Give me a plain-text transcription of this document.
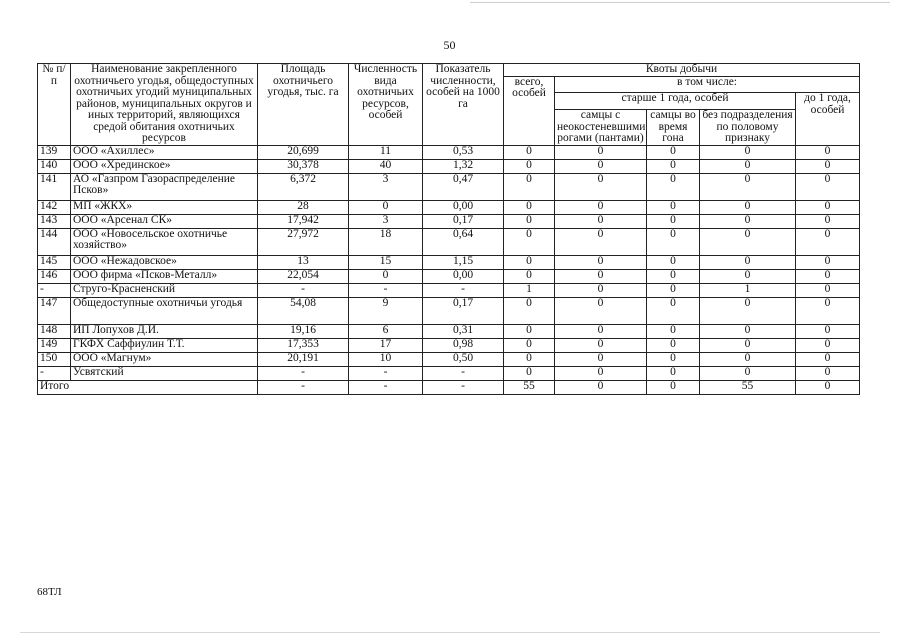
50
№ п/п	Наименование закрепленного охотничьего угодья, общедоступных охотничьих угодий муниципальных районов, муниципальных округов и иных территорий, являющихся средой обитания охотничьих ресурсов	Площадь охотничьего угодья, тыс. га	Численность вида охотничьих ресурсов, особей	Показатель численности, особей на 1000 га	Квоты добычи				
					всего, особей	в том числе:			
						старше 1 года, особей			до 1 года, особей
						самцы с неокостеневшими рогами (пантами)	самцы во время гона	без подразделения по половому признаку	
139	ООО «Ахиллес»	20,699	11	0,53	0	0	0	0	0
140	ООО «Хрединское»	30,378	40	1,32	0	0	0	0	0
141	АО «Газпром Газораспределение Псков»	6,372	3	0,47	0	0	0	0	0
142	МП «ЖКХ»	28	0	0,00	0	0	0	0	0
143	ООО «Арсенал СК»	17,942	3	0,17	0	0	0	0	0
144	ООО «Новосельское охотничье хозяйство»	27,972	18	0,64	0	0	0	0	0
145	ООО «Нежадовское»	13	15	1,15	0	0	0	0	0
146	ООО фирма «Псков-Металл»	22,054	0	0,00	0	0	0	0	0
-	Струго-Красненский	-	-	-	1	0	0	1	0
147	Общедоступные охотничьи угодья	54,08	9	0,17	0	0	0	0	0
148	ИП Лопухов Д.И.	19,16	6	0,31	0	0	0	0	0
149	ГКФХ Саффиулин Т.Т.	17,353	17	0,98	0	0	0	0	0
150	ООО «Магнум»	20,191	10	0,50	0	0	0	0	0
-	Усвятский	-	-	-	0	0	0	0	0
Итого		-	-	-	55	0	0	55	0
68ТЛ
